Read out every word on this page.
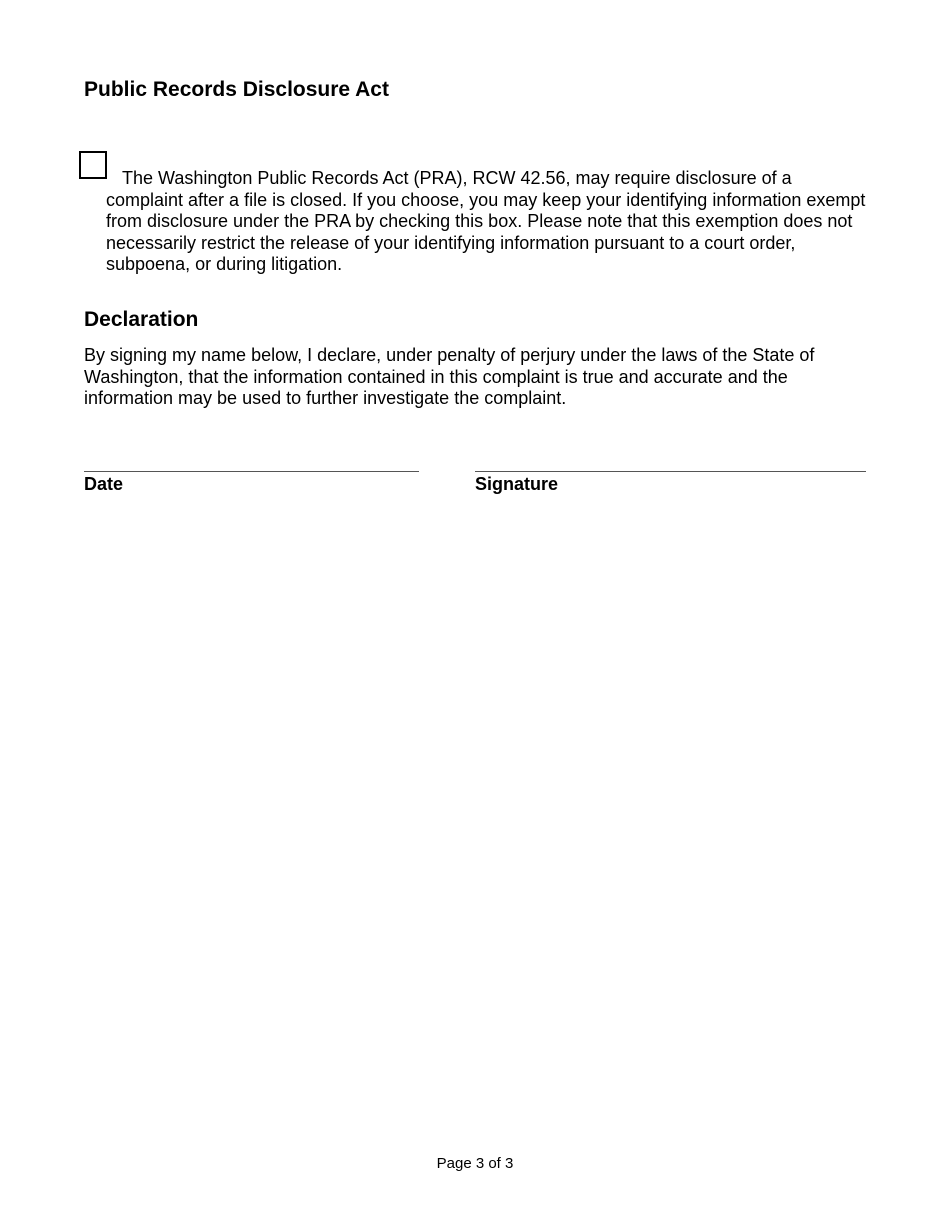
Public Records Disclosure Act

The Washington Public Records Act (PRA), RCW 42.56, may require disclosure of a complaint after a file is closed. If you choose, you may keep your identifying information exempt from disclosure under the PRA by checking this box. Please note that this exemption does not necessarily restrict the release of your identifying information pursuant to a court order, subpoena, or during litigation.

Declaration

By signing my name below, I declare, under penalty of perjury under the laws of the State of Washington, that the information contained in this complaint is true and accurate and the information may be used to further investigate the complaint.

Date	Signature
Page 3 of 3
